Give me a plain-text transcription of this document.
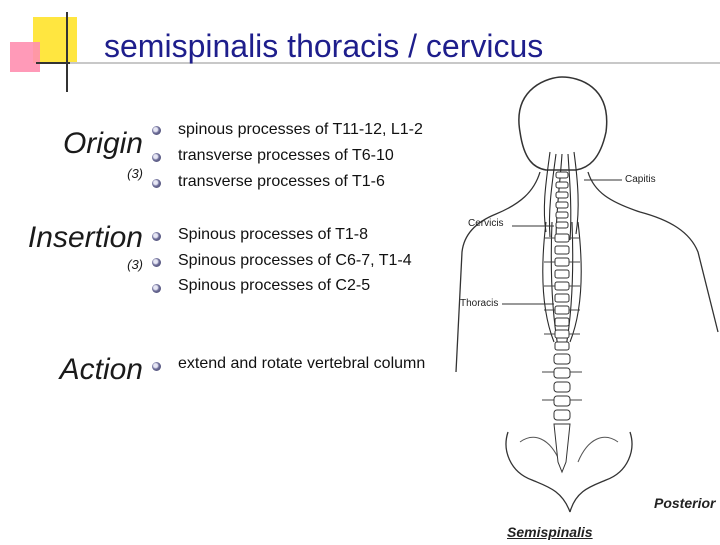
semispinalis thoracis / cervicus
Origin
(3)
spinous processes of T11-12, L1-2
transverse processes of T6-10
transverse processes of T1-6
Insertion
(3)
Spinous processes of T1-8
Spinous processes of C6-7, T1-4
Spinous processes of C2-5
Action extend and rotate vertebral column
Capitis
Cervicis
Thoracis
Posterior
Semispinalis
